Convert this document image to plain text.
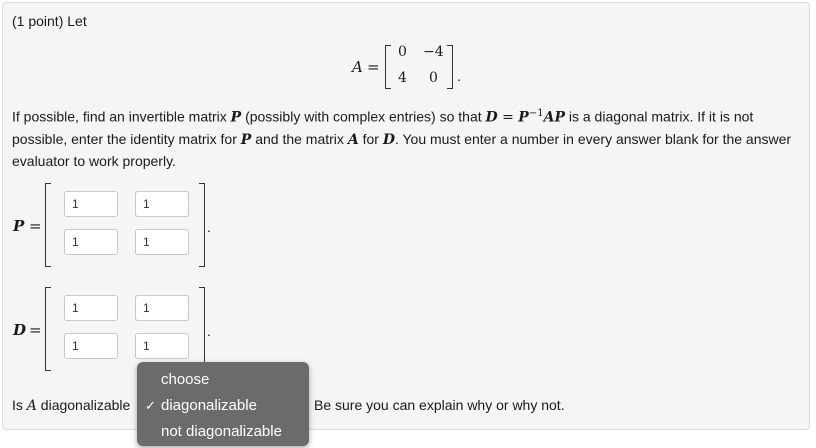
(1 point) Let
A =
0 −4
4 0 .
If possible, find an invertible matrix P (possibly with complex entries) so that $D = P^{-1}AP$ is a diagonal matrix. If it is not possible, enter the identity matrix for P and the matrix A for D. You must enter a number in every answer blank for the answer evaluator to work properly.
P =
1	1
1	1
.
D =
1	1
1	1
.
Is A diagonalizable	Be sure you can explain why or why not.
choose
✓ diagonalizable
not diagonalizable
